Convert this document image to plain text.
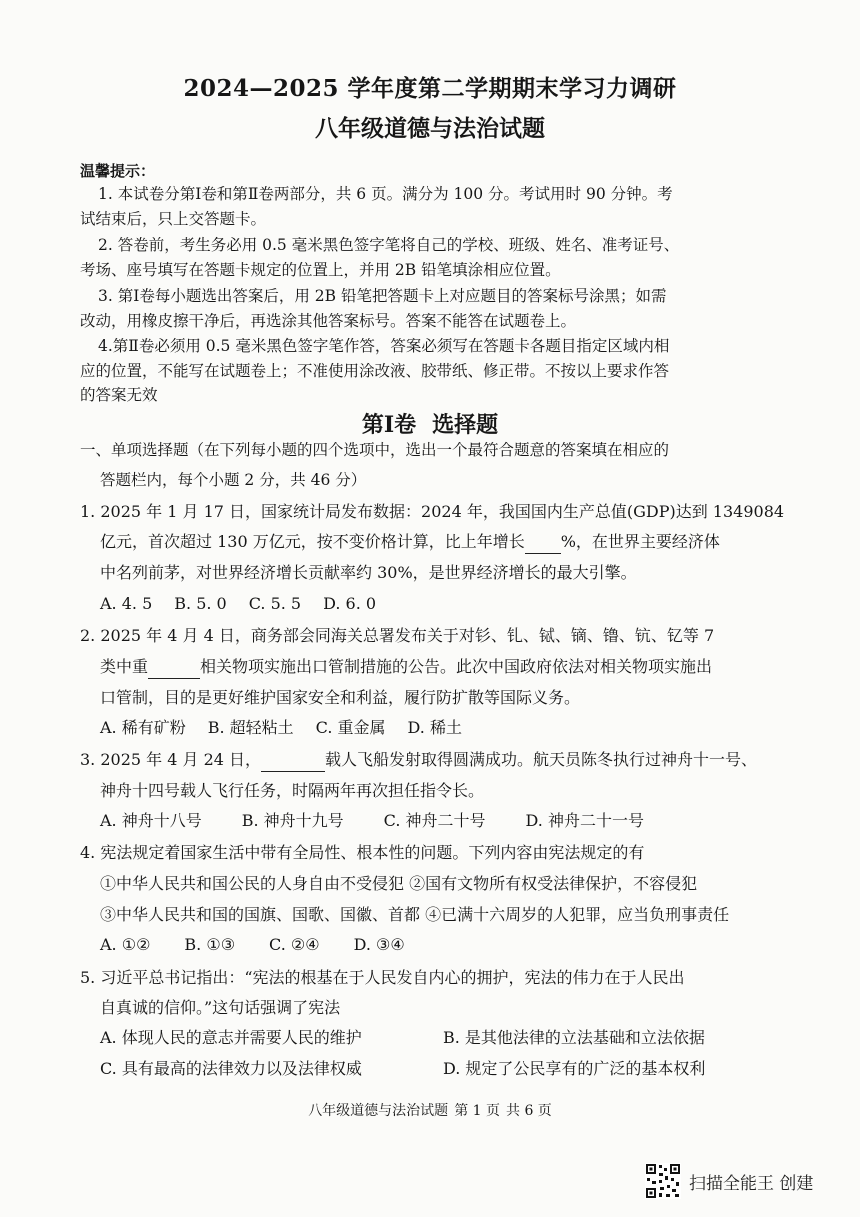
2024—2025 学年度第二学期期末学习力调研
八年级道德与法治试题
温馨提示：
1. 本试卷分第Ⅰ卷和第Ⅱ卷两部分，共 6 页。满分为 100 分。考试用时 90 分钟。考
试结束后，只上交答题卡。
2. 答卷前，考生务必用 0.5 毫米黑色签字笔将自己的学校、班级、姓名、准考证号、
考场、座号填写在答题卡规定的位置上，并用 2B 铅笔填涂相应位置。
3. 第Ⅰ卷每小题选出答案后，用 2B 铅笔把答题卡上对应题目的答案标号涂黑；如需
改动，用橡皮擦干净后，再选涂其他答案标号。答案不能答在试题卷上。
4.第Ⅱ卷必须用 0.5 毫米黑色签字笔作答，答案必须写在答题卡各题目指定区域内相
应的位置，不能写在试题卷上；不准使用涂改液、胶带纸、修正带。不按以上要求作答
的答案无效
第Ⅰ卷 选择题
一、单项选择题（在下列每小题的四个选项中，选出一个最符合题意的答案填在相应的
答题栏内，每个小题 2 分，共 46 分）
1. 2025 年 1 月 17 日，国家统计局发布数据：2024 年，我国国内生产总值(GDP)达到 1349084
亿元，首次超过 130 万亿元，按不变价格计算，比上年增长 %，在世界主要经济体
中名列前茅，对世界经济增长贡献率约 30%，是世界经济增长的最大引擎。
A. 4. 5 B. 5. 0 C. 5. 5 D. 6. 0
2. 2025 年 4 月 4 日，商务部会同海关总署发布关于对钐、钆、铽、镝、镥、钪、钇等 7
类中重	相关物项实施出口管制措施的公告。此次中国政府依法对相关物项实施出
口管制，目的是更好维护国家安全和利益，履行防扩散等国际义务。
A. 稀有矿粉 B. 超轻粘土 C. 重金属 D. 稀土
3. 2025 年 4 月 24 日，	载人飞船发射取得圆满成功。航天员陈冬执行过神舟十一号、
神舟十四号载人飞行任务，时隔两年再次担任指令长。
A. 神舟十八号	B. 神舟十九号	C. 神舟二十号	D. 神舟二十一号
4. 宪法规定着国家生活中带有全局性、根本性的问题。下列内容由宪法规定的有
①中华人民共和国公民的人身自由不受侵犯 ②国有文物所有权受法律保护，不容侵犯
③中华人民共和国的国旗、国歌、国徽、首都 ④已满十六周岁的人犯罪，应当负刑事责任
A. ①② B. ①③ C. ②④ D. ③④
5. 习近平总书记指出：“宪法的根基在于人民发自内心的拥护，宪法的伟力在于人民出
自真诚的信仰。”这句话强调了宪法
A. 体现人民的意志并需要人民的维护	B. 是其他法律的立法基础和立法依据
C. 具有最高的法律效力以及法律权威	D. 规定了公民享有的广泛的基本权利
八年级道德与法治试题 第 1 页 共 6 页
扫描全能王 创建
